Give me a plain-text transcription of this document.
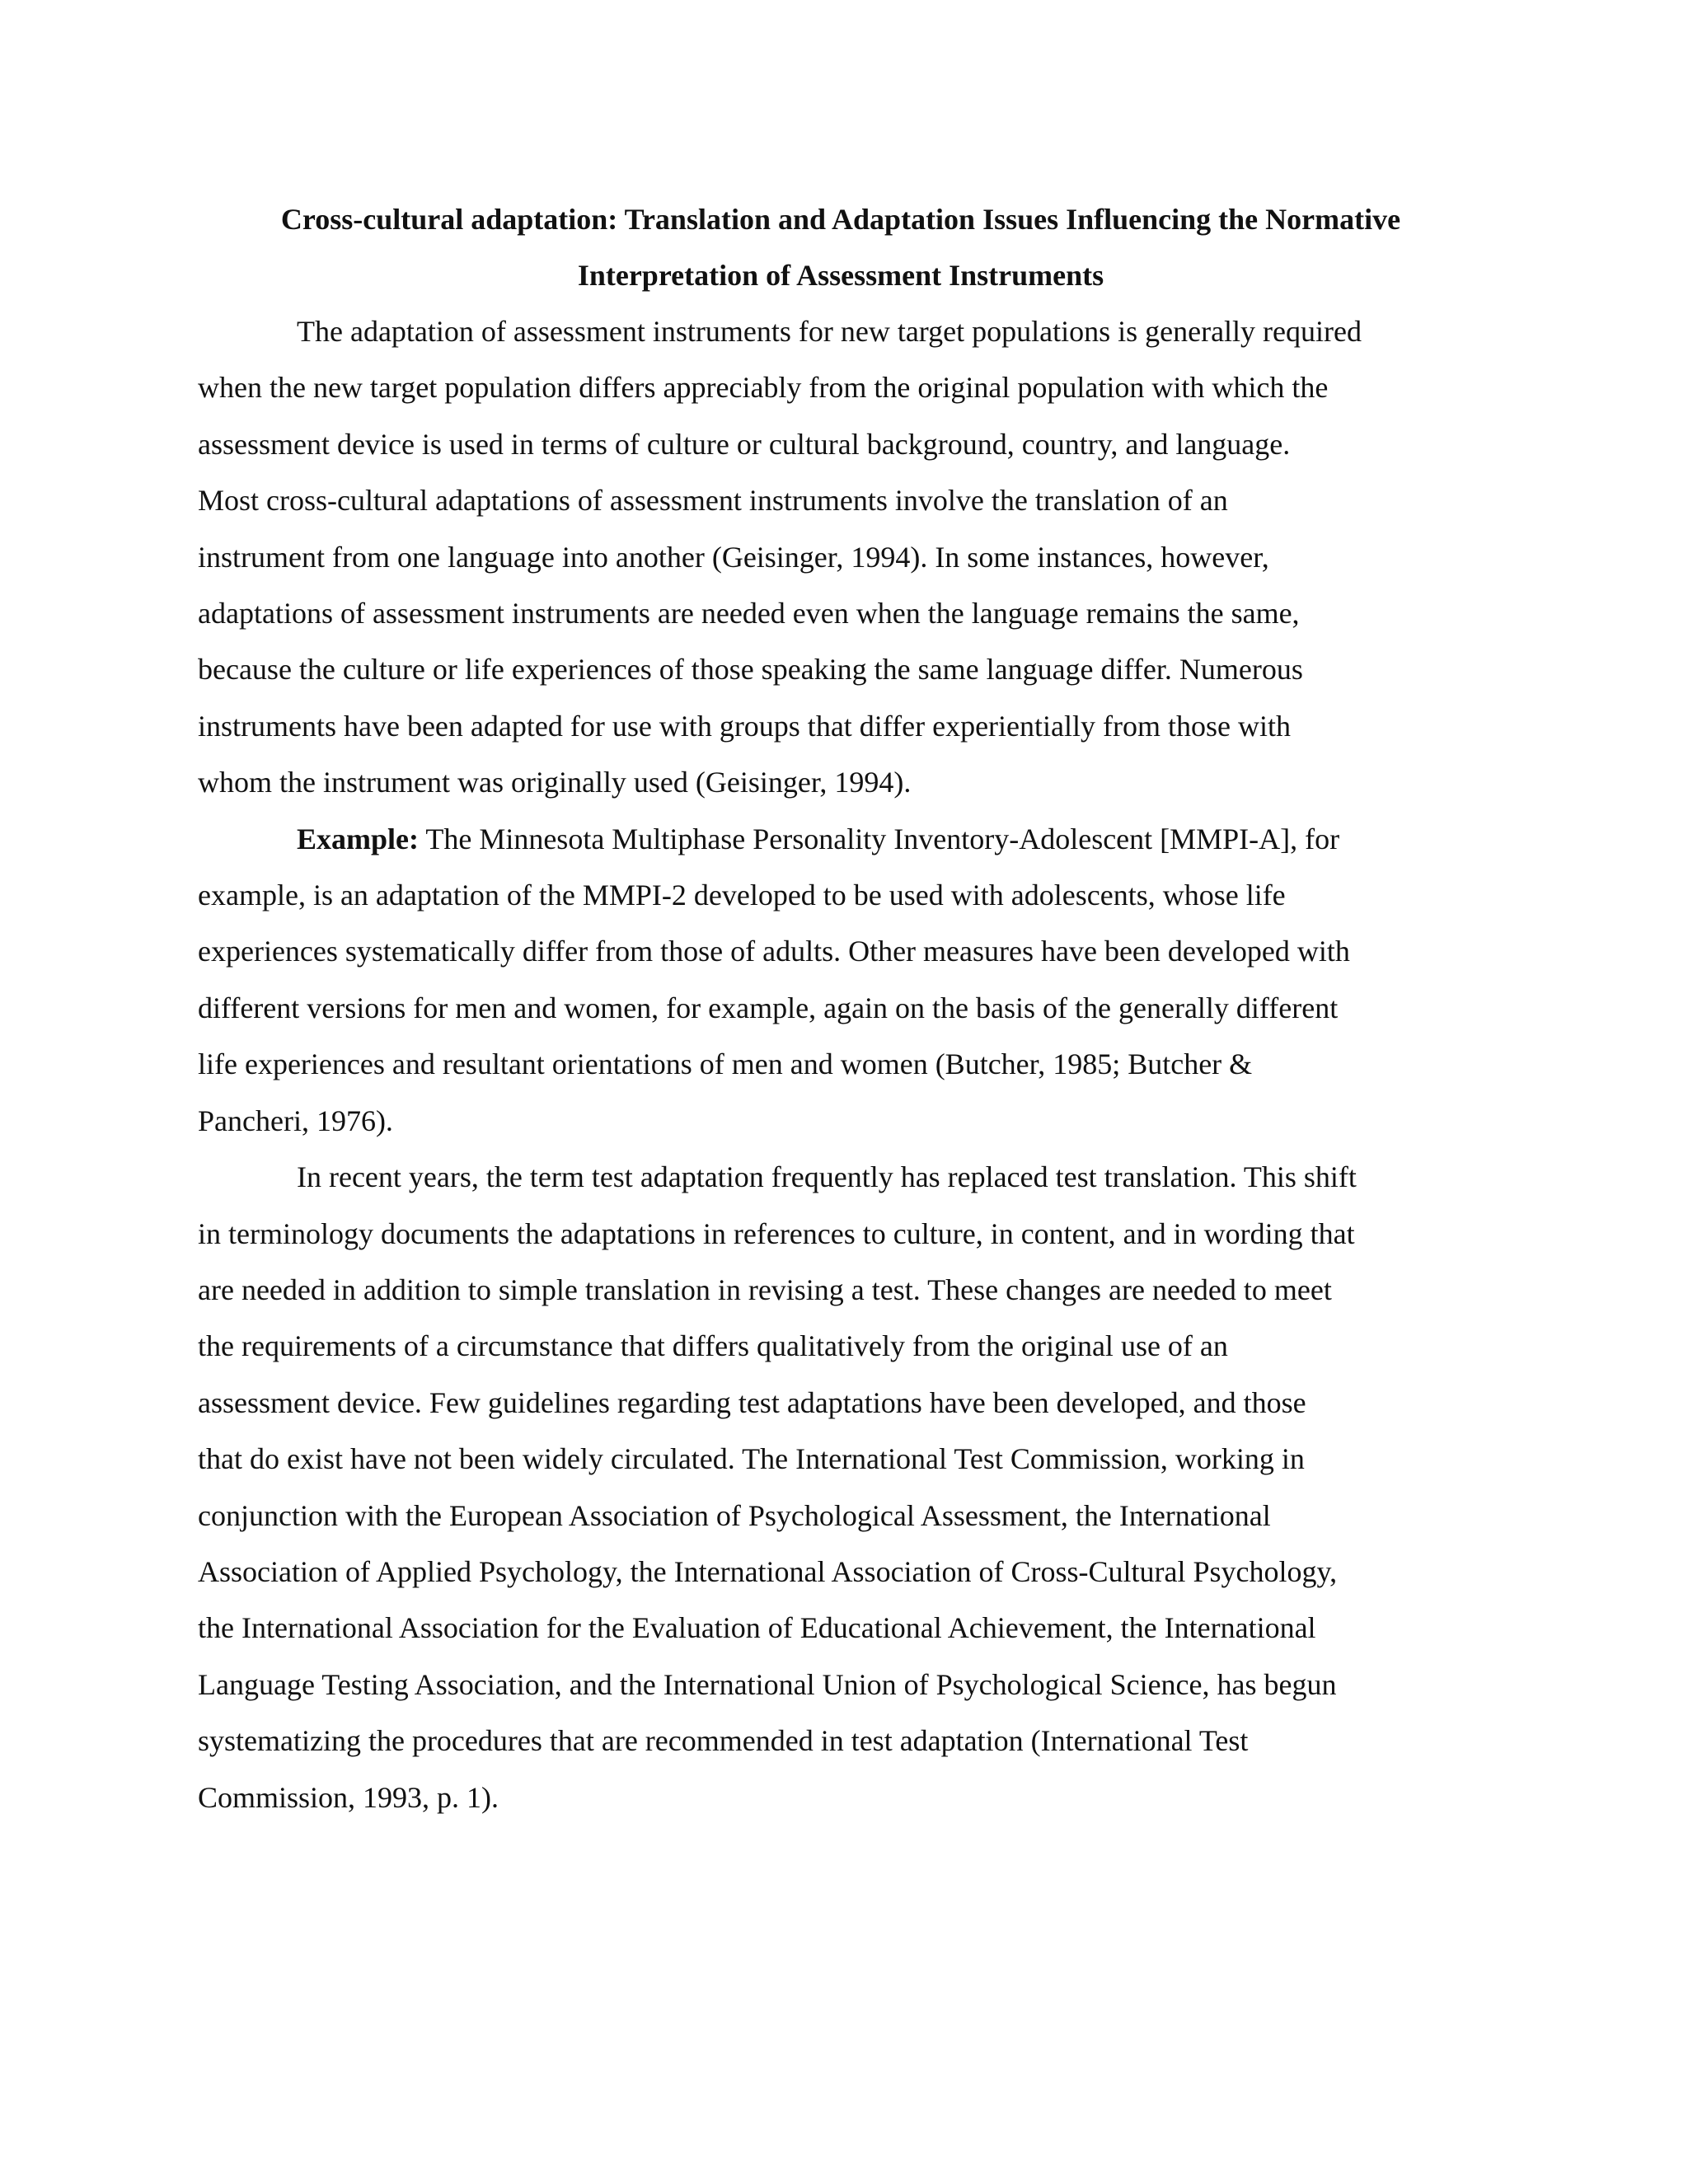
Cross-cultural adaptation: Translation and Adaptation Issues Influencing the Normative
Interpretation of Assessment Instruments

The adaptation of assessment instruments for new target populations is generally required
when the new target population differs appreciably from the original population with which the
assessment device is used in terms of culture or cultural background, country, and language.
Most cross-cultural adaptations of assessment instruments involve the translation of an
instrument from one language into another (Geisinger, 1994). In some instances, however,
adaptations of assessment instruments are needed even when the language remains the same,
because the culture or life experiences of those speaking the same language differ. Numerous
instruments have been adapted for use with groups that differ experientially from those with
whom the instrument was originally used (Geisinger, 1994).

Example: The Minnesota Multiphase Personality Inventory-Adolescent [MMPI-A], for
example, is an adaptation of the MMPI-2 developed to be used with adolescents, whose life
experiences systematically differ from those of adults. Other measures have been developed with
different versions for men and women, for example, again on the basis of the generally different
life experiences and resultant orientations of men and women (Butcher, 1985; Butcher &
Pancheri, 1976).

In recent years, the term test adaptation frequently has replaced test translation. This shift
in terminology documents the adaptations in references to culture, in content, and in wording that
are needed in addition to simple translation in revising a test. These changes are needed to meet
the requirements of a circumstance that differs qualitatively from the original use of an
assessment device. Few guidelines regarding test adaptations have been developed, and those
that do exist have not been widely circulated. The International Test Commission, working in
conjunction with the European Association of Psychological Assessment, the International
Association of Applied Psychology, the International Association of Cross-Cultural Psychology,
the International Association for the Evaluation of Educational Achievement, the International
Language Testing Association, and the International Union of Psychological Science, has begun
systematizing the procedures that are recommended in test adaptation (International Test
Commission, 1993, p. 1).
